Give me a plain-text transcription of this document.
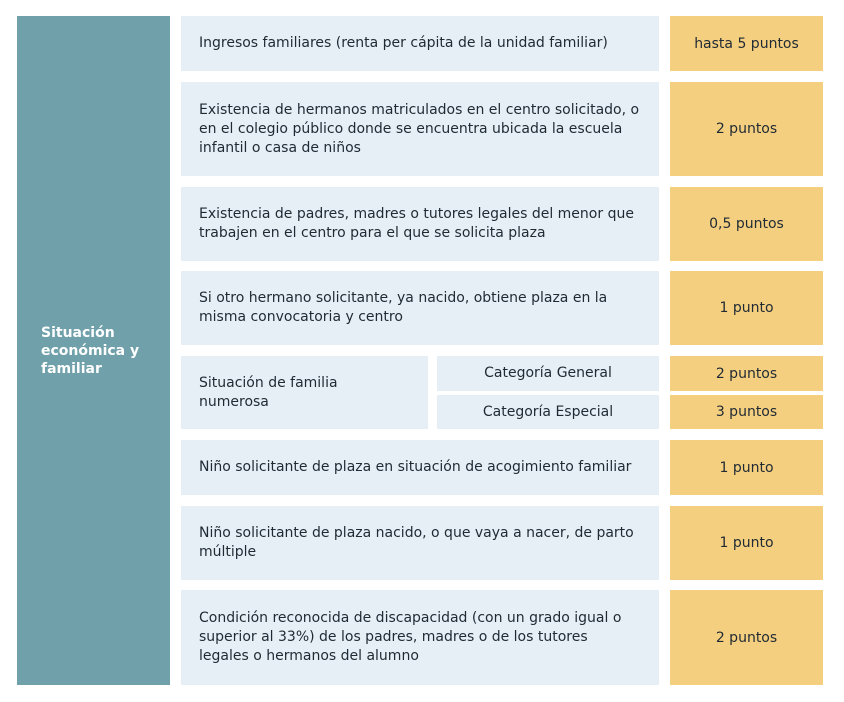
Situación económica y familiar
Ingresos familiares (renta per cápita de la unidad familiar)	hasta 5 puntos
Existencia de hermanos matriculados en el centro solicitado, o en el colegio público donde se encuentra ubicada la escuela infantil o casa de niños
2 puntos
Existencia de padres, madres o tutores legales del menor que trabajen en el centro para el que se solicita plaza
0,5 puntos
Si otro hermano solicitante, ya nacido, obtiene plaza en la misma convocatoria y centro
1 punto
Situación de familia numerosa
Categoría General	2 puntos
Categoría Especial	3 puntos
Niño solicitante de plaza en situación de acogimiento familiar	1 punto
Niño solicitante de plaza nacido, o que vaya a nacer, de parto múltiple
1 punto
Condición reconocida de discapacidad (con un grado igual o superior al 33%) de los padres, madres o de los tutores legales o hermanos del alumno
2 puntos
